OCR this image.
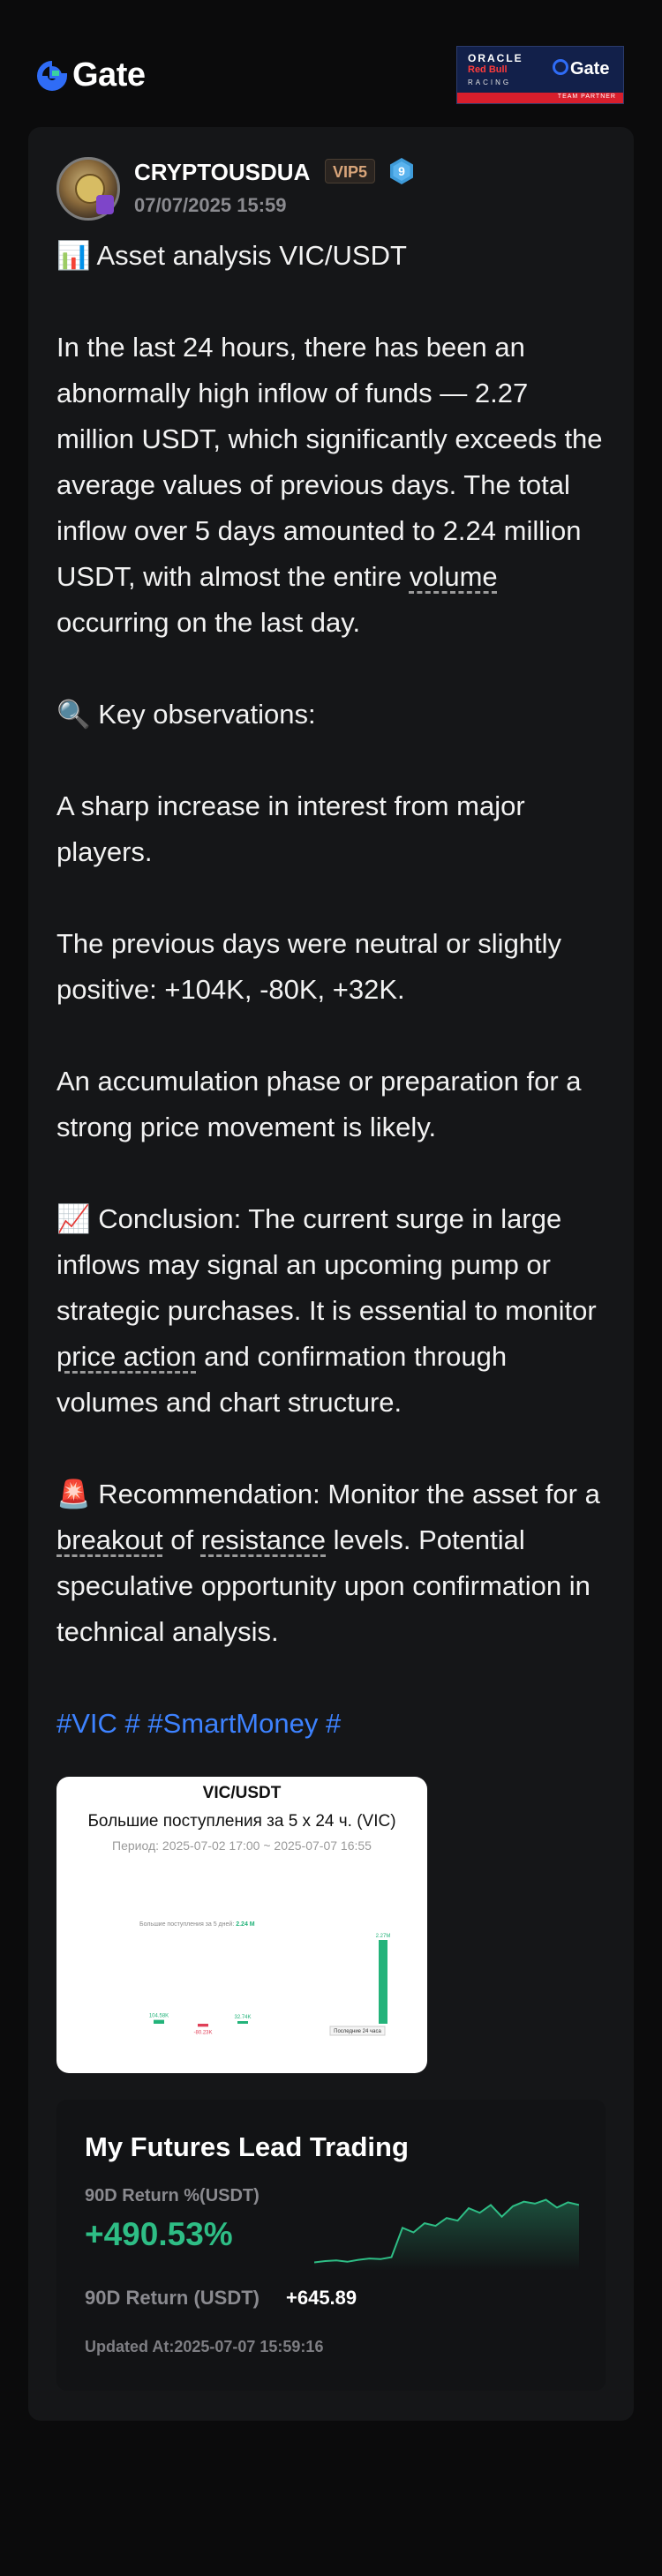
Gate	ORACLE
Red Bull
RACING
Gate
TEAM PARTNER
CRYPTOUSDUA	VIP5	9
07/07/2025 15:59

📊 Asset analysis VIC/USDT

In the last 24 hours, there has been an abnormally high inflow of funds — 2.27 million USDT, which significantly exceeds the average values of previous days. The total inflow over 5 days amounted to 2.24 million USDT, with almost the entire volume occurring on the last day.

🔍 Key observations:

A sharp increase in interest from major players.

The previous days were neutral or slightly positive: +104K, -80K, +32K.

An accumulation phase or preparation for a strong price movement is likely.

📈 Conclusion: The current surge in large inflows may signal an upcoming pump or strategic purchases. It is essential to monitor price action and confirmation through volumes and chart structure.

🚨 Recommendation: Monitor the asset for a breakout of resistance levels. Potential speculative opportunity upon confirmation in technical analysis.

#VIC # #SmartMoney #

VIC/USDT
Большие поступления за 5 x 24 ч. (VIC)
Период: 2025-07-02 17:00 ~ 2025-07-07 16:55
Большие поступления за 5 дней: 2.24 M
104.58K
-80.23K
32.74K
2.27M
Последние 24 часа
My Futures Lead Trading
90D Return %(USDT)
+490.53%
90D Return (USDT) +645.89
Updated At:2025-07-07 15:59:16
